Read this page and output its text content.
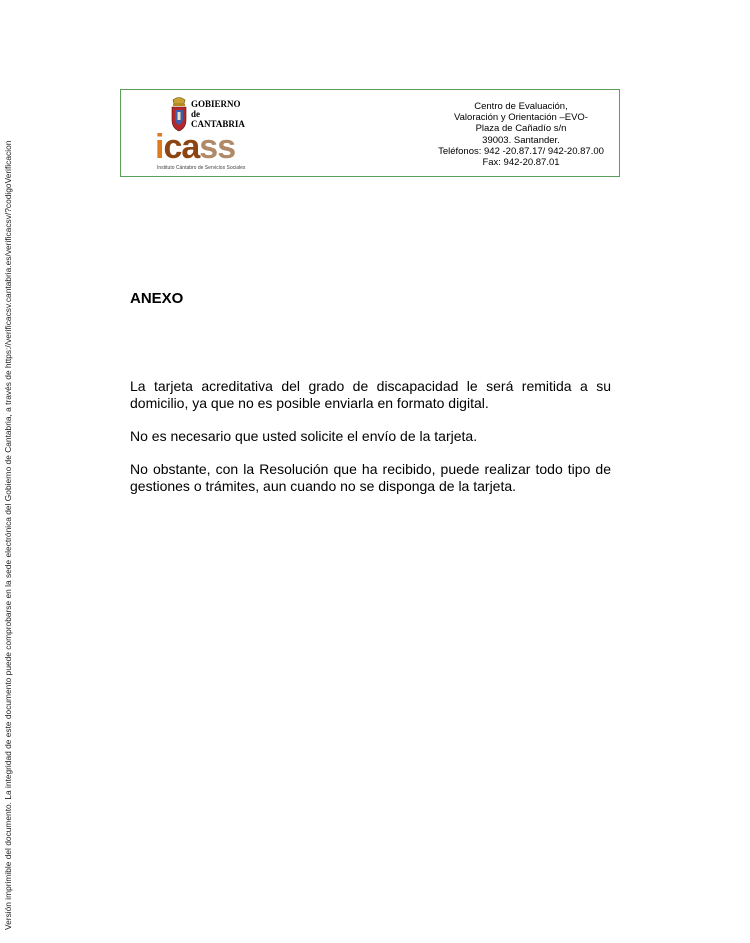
Versión imprimible del documento. La integridad de este documento puede comprobarse en la sede electrónica del Gobierno de Cantabria, a través de https://verificacsv.cantabria.es/verificacsv/?codigoVerificacion
GOBIERNO
de
CANTABRIA
icass
Instituto Cántabro de Servicios Sociales
Centro de Evaluación,
Valoración y Orientación –EVO-
Plaza de Cañadío s/n
39003. Santander.
Teléfonos: 942 -20.87.17/ 942-20.87.00
Fax: 942-20.87.01
ANEXO

La tarjeta acreditativa del grado de discapacidad le será remitida a su domicilio, ya que no es posible enviarla en formato digital.

No es necesario que usted solicite el envío de la tarjeta.

No obstante, con la Resolución que ha recibido, puede realizar todo tipo de gestiones o trámites, aun cuando no se disponga de la tarjeta.
